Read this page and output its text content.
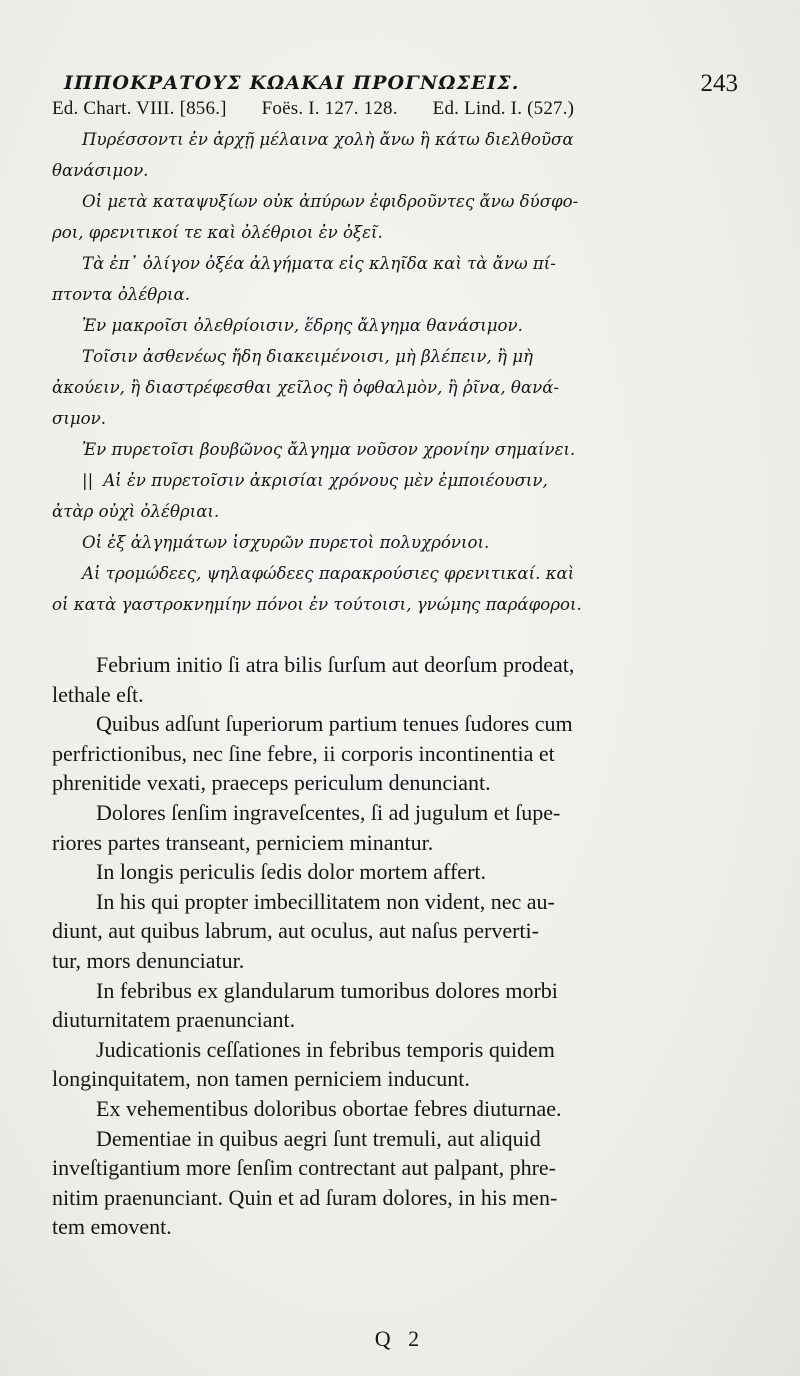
ΙΠΠΟΚΡΑΤΟΥΣ ΚΩΑΚΑΙ ΠΡΟΓΝΩΣΕΙΣ.	243
Ed. Chart. VIII. [856.] Foës. I. 127. 128. Ed. Lind. I. (527.)
Πυρέσσοντι ἐν ἀρχῇ μέλαινα χολὴ ἄνω ἢ κάτω διελθοῦσα
θανάσιμον.
Οἱ μετὰ καταψυξίων οὐκ ἀπύρων ἐφιδροῦντες ἄνω δύσφο-
ροι, φρενιτικοί τε καὶ ὀλέθριοι ἐν ὀξεῖ.
Τὰ ἐπ᾽ ὀλίγον ὀξέα ἀλγήματα εἰς κληῖδα καὶ τὰ ἄνω πί-
πτοντα ὀλέθρια.
Ἐν μακροῖσι ὀλεθρίοισιν, ἕδρης ἄλγημα θανάσιμον.
Τοῖσιν ἀσθενέως ἤδη διακειμένοισι, μὴ βλέπειν, ἢ μὴ
ἀκούειν, ἢ διαστρέφεσθαι χεῖλος ἢ ὀφθαλμὸν, ἢ ῥῖνα, θανά-
σιμον.
Ἐν πυρετοῖσι βουβῶνος ἄλγημα νοῦσον χρονίην σημαίνει.
|| Αἱ ἐν πυρετοῖσιν ἀκρισίαι χρόνους μὲν ἐμποιέουσιν,
ἀτὰρ οὐχὶ ὀλέθριαι.
Οἱ ἐξ ἀλγημάτων ἰσχυρῶν πυρετοὶ πολυχρόνιοι.
Αἱ τρομώδεες, ψηλαφώδεες παρακρούσιες φρενιτικαί. καὶ
οἱ κατὰ γαστροκνημίην πόνοι ἐν τούτοισι, γνώμης παράφοροι.
Febrium initio ſi atra bilis ſurſum aut deorſum prodeat,
lethale eſt.
Quibus adſunt ſuperiorum partium tenues ſudores cum
perfrictionibus, nec ſine febre, ii corporis incontinentia et
phrenitide vexati, praeceps periculum denunciant.
Dolores ſenſim ingraveſcentes, ſi ad jugulum et ſupe-
riores partes transeant, perniciem minantur.
In longis periculis ſedis dolor mortem affert.
In his qui propter imbecillitatem non vident, nec au-
diunt, aut quibus labrum, aut oculus, aut naſus perverti-
tur, mors denunciatur.
In febribus ex glandularum tumoribus dolores morbi
diuturnitatem praenunciant.
Judicationis ceſſationes in febribus temporis quidem
longinquitatem, non tamen perniciem inducunt.
Ex vehementibus doloribus obortae febres diuturnae.
Dementiae in quibus aegri ſunt tremuli, aut aliquid
inveſtigantium more ſenſim contrectant aut palpant, phre-
nitim praenunciant. Quin et ad ſuram dolores, in his men-
tem emovent.
Q 2
